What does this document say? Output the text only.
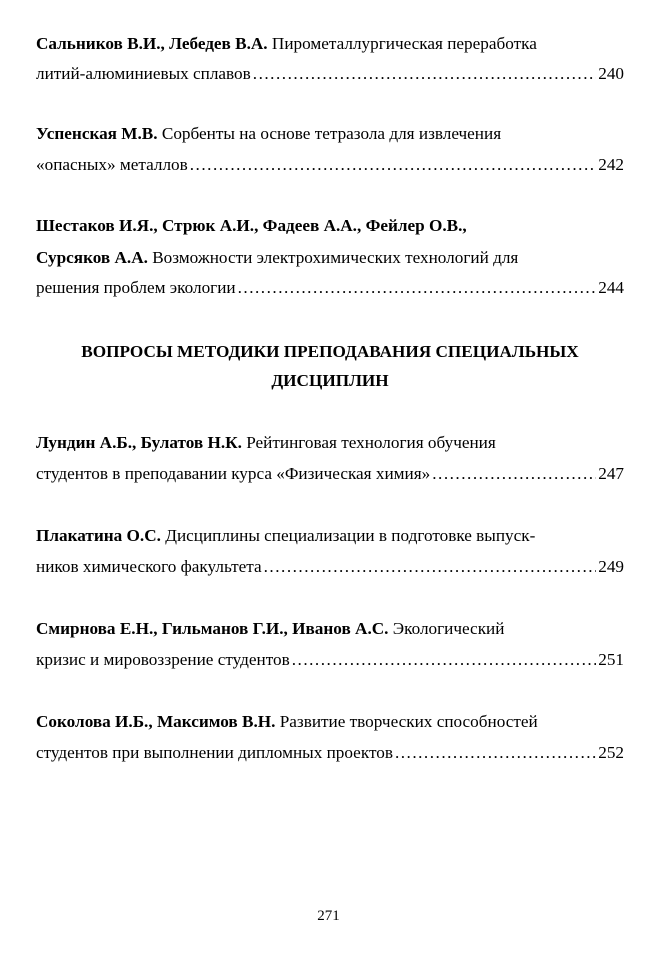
Сальников В.И., Лебедев В.А. Пирометаллургическая переработка
литий-алюминиевых сплавов .....	240
Успенская М.В. Сорбенты на основе тетразола для извлечения
«опасных» металлов .....	242
Шестаков И.Я., Стрюк А.И., Фадеев А.А., Фейлер О.В.,
Сурсяков А.А. Возможности электрохимических технологий для
решения проблем экологии .....	244
ВОПРОСЫ МЕТОДИКИ ПРЕПОДАВАНИЯ СПЕЦИАЛЬНЫХ
ДИСЦИПЛИН
Лундин А.Б., Булатов Н.К. Рейтинговая технология обучения
студентов в преподавании курса «Физическая химия» .....	247
Плакатина О.С. Дисциплины специализации в подготовке выпуск-
ников химического факультета .....	249
Смирнова Е.Н., Гильманов Г.И., Иванов А.С. Экологический
кризис и мировоззрение студентов .....	251
Соколова И.Б., Максимов В.Н. Развитие творческих способностей
студентов при выполнении дипломных проектов .....	252
271
